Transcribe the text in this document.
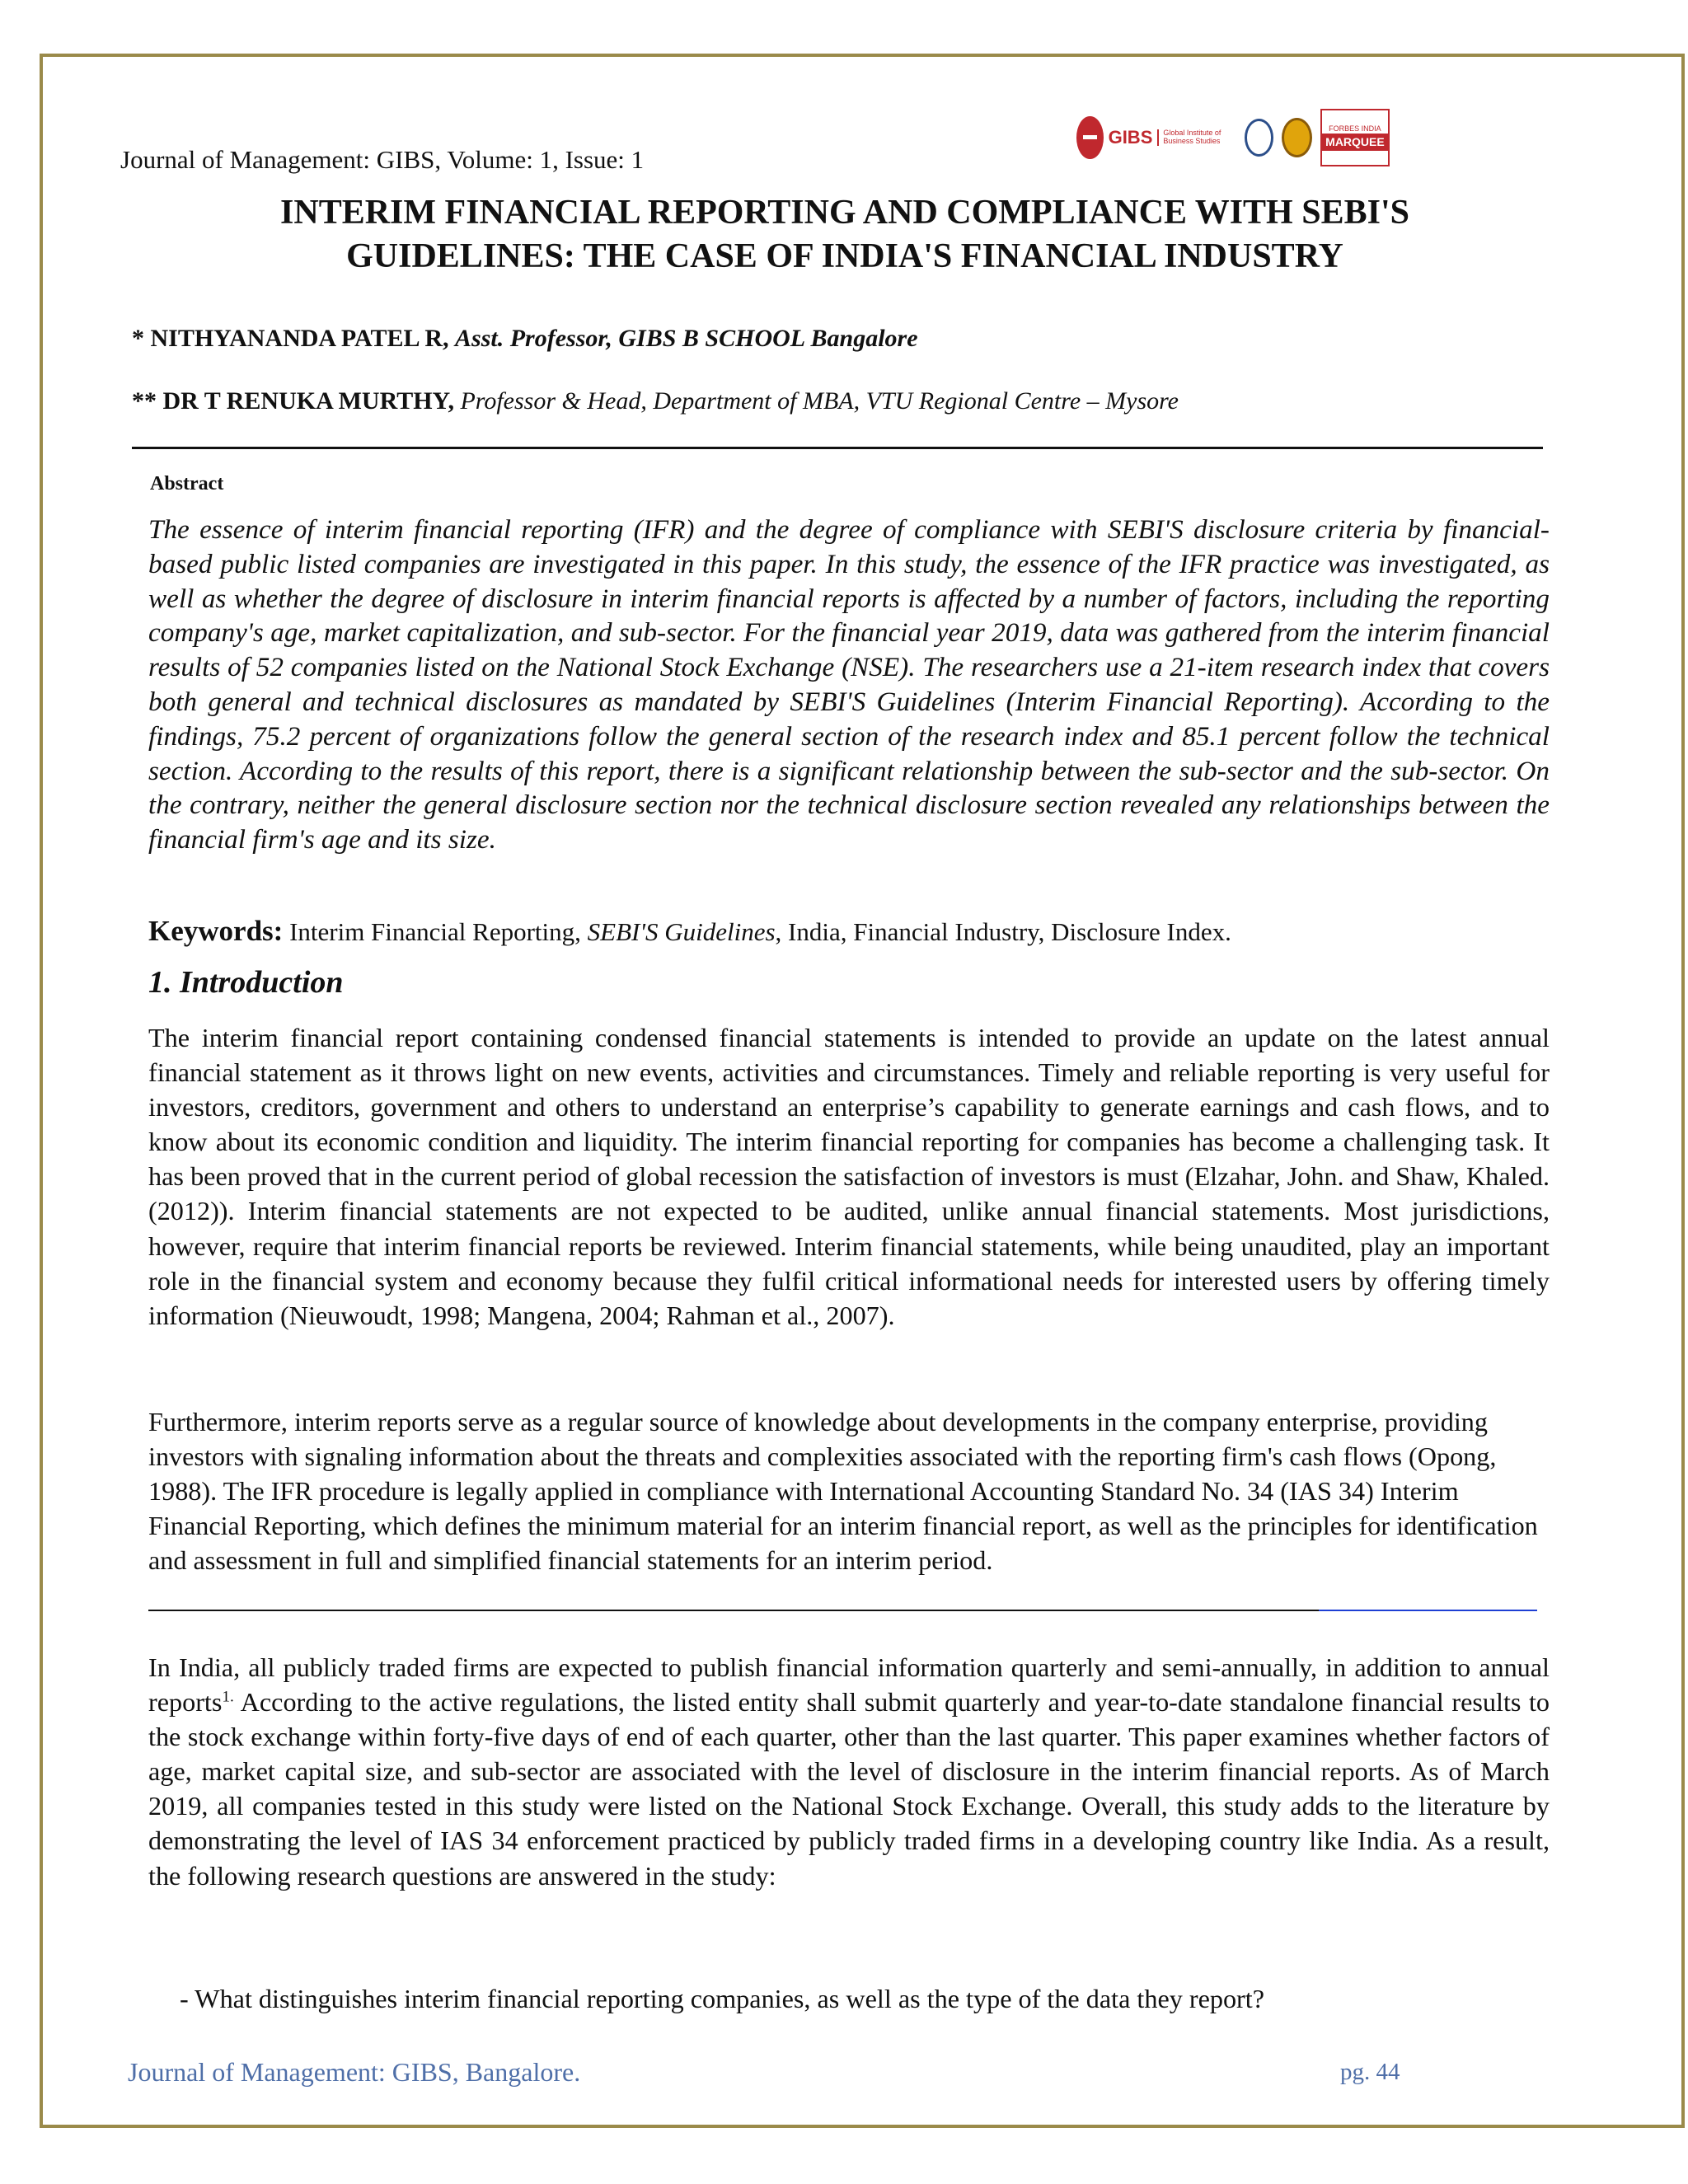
Journal of Management: GIBS, Volume: 1, Issue: 1
GIBS	Global Institute of Business Studies
FORBES INDIA
MARQUEE
INTERIM FINANCIAL REPORTING AND COMPLIANCE WITH SEBI'S
GUIDELINES: THE CASE OF INDIA'S FINANCIAL INDUSTRY
* NITHYANANDA PATEL R, Asst. Professor, GIBS B SCHOOL Bangalore
** DR T RENUKA MURTHY, Professor & Head, Department of MBA, VTU Regional Centre – Mysore
Abstract
The essence of interim financial reporting (IFR) and the degree of compliance with SEBI'S disclosure criteria by financial-based public listed companies are investigated in this paper. In this study, the essence of the IFR practice was investigated, as well as whether the degree of disclosure in interim financial reports is affected by a number of factors, including the reporting company's age, market capitalization, and sub-sector. For the financial year 2019, data was gathered from the interim financial results of 52 companies listed on the National Stock Exchange (NSE). The researchers use a 21-item research index that covers both general and technical disclosures as mandated by SEBI'S Guidelines (Interim Financial Reporting). According to the findings, 75.2 percent of organizations follow the general section of the research index and 85.1 percent follow the technical section. According to the results of this report, there is a significant relationship between the sub-sector and the sub-sector. On the contrary, neither the general disclosure section nor the technical disclosure section revealed any relationships between the financial firm's age and its size.
Keywords: Interim Financial Reporting, SEBI'S Guidelines, India, Financial Industry, Disclosure Index.
1. Introduction
The interim financial report containing condensed financial statements is intended to provide an update on the latest annual financial statement as it throws light on new events, activities and circumstances. Timely and reliable reporting is very useful for investors, creditors, government and others to understand an enterprise’s capability to generate earnings and cash flows, and to know about its economic condition and liquidity. The interim financial reporting for companies has become a challenging task. It has been proved that in the current period of global recession the satisfaction of investors is must (Elzahar, John. and Shaw, Khaled. (2012)). Interim financial statements are not expected to be audited, unlike annual financial statements. Most jurisdictions, however, require that interim financial reports be reviewed. Interim financial statements, while being unaudited, play an important role in the financial system and economy because they fulfil critical informational needs for interested users by offering timely information (Nieuwoudt, 1998; Mangena, 2004; Rahman et al., 2007).
Furthermore, interim reports serve as a regular source of knowledge about developments in the company enterprise, providing investors with signaling information about the threats and complexities associated with the reporting firm's cash flows (Opong, 1988). The IFR procedure is legally applied in compliance with International Accounting Standard No. 34 (IAS 34) Interim Financial Reporting, which defines the minimum material for an interim financial report, as well as the principles for identification and assessment in full and simplified financial statements for an interim period.
In India, all publicly traded firms are expected to publish financial information quarterly and semi-annually, in addition to annual reports$^{1.}$ According to the active regulations, the listed entity shall submit quarterly and year-to-date standalone financial results to the stock exchange within forty-five days of end of each quarter, other than the last quarter. This paper examines whether factors of age, market capital size, and sub-sector are associated with the level of disclosure in the interim financial reports. As of March 2019, all companies tested in this study were listed on the National Stock Exchange. Overall, this study adds to the literature by demonstrating the level of IAS 34 enforcement practiced by publicly traded firms in a developing country like India. As a result, the following research questions are answered in the study:
- What distinguishes interim financial reporting companies, as well as the type of the data they report?
Journal of Management: GIBS, Bangalore.	pg. 44
